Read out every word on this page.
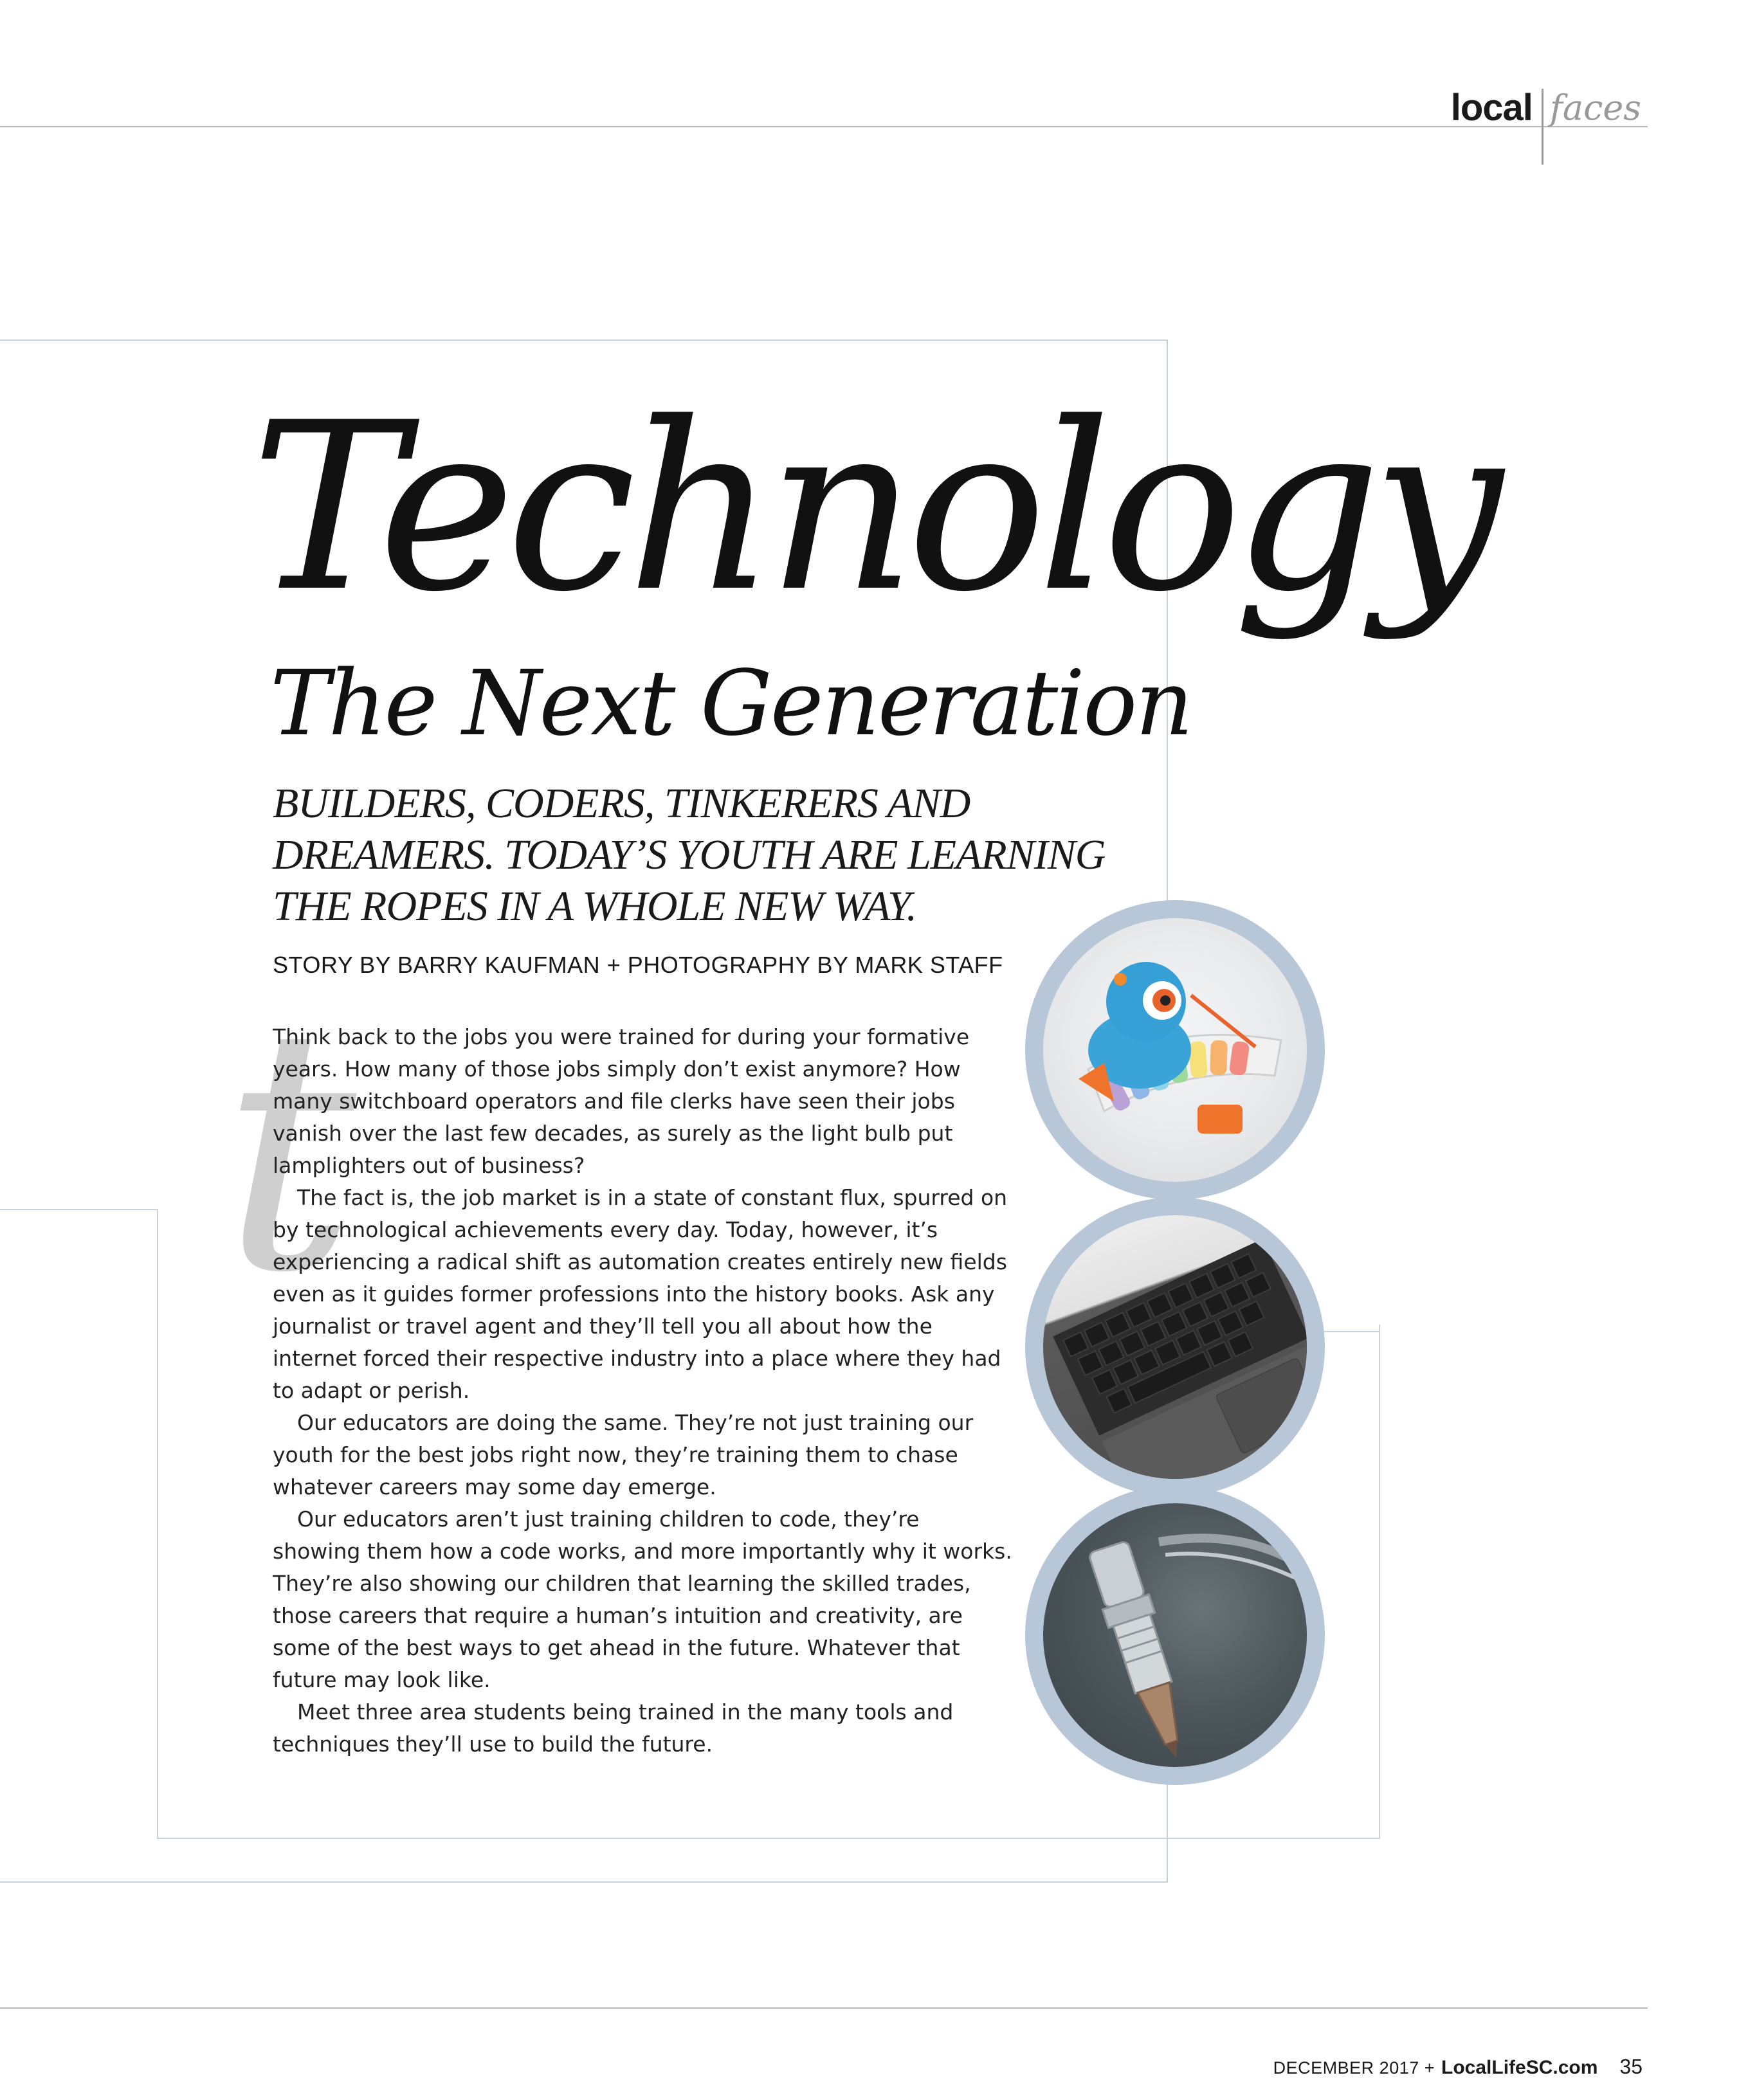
local faces
t
Technology
The Next Generation
BUILDERS, CODERS, TINKERERS AND
DREAMERS. TODAY’S YOUTH ARE LEARNING
THE ROPES IN A WHOLE NEW WAY.
STORY BY BARRY KAUFMAN + PHOTOGRAPHY BY MARK STAFF

Think back to the jobs you were trained for during your formative years. How many of those jobs simply don’t exist anymore? How many switchboard operators and file clerks have seen their jobs vanish over the last few decades, as surely as the light bulb put lamplighters out of business?

The fact is, the job market is in a state of constant flux, spurred on by technological achievements every day. Today, however, it’s experiencing a radical shift as automation creates entirely new fields even as it guides former professions into the history books. Ask any journalist or travel agent and they’ll tell you all about how the internet forced their respective industry into a place where they had to adapt or perish.

Our educators are doing the same. They’re not just training our youth for the best jobs right now, they’re training them to chase whatever careers may some day emerge.

Our educators aren’t just training children to code, they’re showing them how a code works, and more importantly why it works. They’re also showing our children that learning the skilled trades, those careers that require a human’s intuition and creativity, are some of the best ways to get ahead in the future. Whatever that future may look like.

Meet three area students being trained in the many tools and techniques they’ll use to build the future.

DECEMBER 2017 + LocalLifeSC.com 35
